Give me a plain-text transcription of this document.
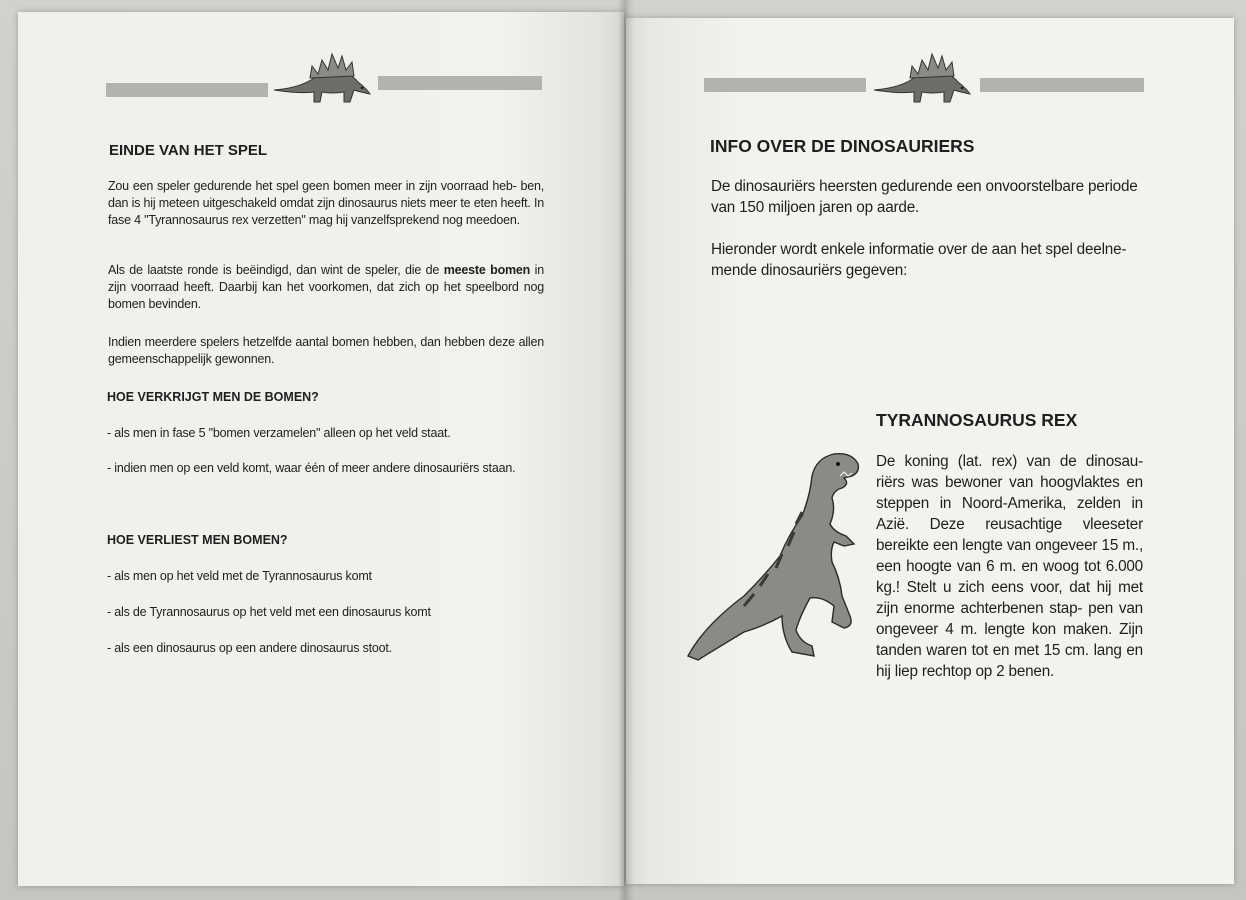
EINDE VAN HET SPEL

Zou een speler gedurende het spel geen bomen meer in zijn voorraad heb- ben, dan is hij meteen uitgeschakeld omdat zijn dinosaurus niets meer te eten heeft. In fase 4 "Tyrannosaurus rex verzetten" mag hij vanzelfsprekend nog meedoen.

Als de laatste ronde is beëindigd, dan wint de speler, die de meeste bomen in zijn voorraad heeft. Daarbij kan het voorkomen, dat zich op het speelbord nog bomen bevinden.

Indien meerdere spelers hetzelfde aantal bomen hebben, dan hebben deze allen gemeenschappelijk gewonnen.

HOE VERKRIJGT MEN DE BOMEN?

- als men in fase 5 "bomen verzamelen" alleen op het veld staat.

- indien men op een veld komt, waar één of meer andere dinosauriërs staan.

HOE VERLIEST MEN BOMEN?

- als men op het veld met de Tyrannosaurus komt

- als de Tyrannosaurus op het veld met een dinosaurus komt

- als een dinosaurus op een andere dinosaurus stoot.

INFO OVER DE DINOSAURIERS

De dinosauriërs heersten gedurende een onvoorstelbare periode van 150 miljoen jaren op aarde.

Hieronder wordt enkele informatie over de aan het spel deelne- mende dinosauriërs gegeven:

TYRANNOSAURUS REX

De koning (lat. rex) van de dinosau- riërs was bewoner van hoogvlaktes en steppen in Noord-Amerika, zelden in Azië. Deze reusachtige vleeseter bereikte een lengte van ongeveer 15 m., een hoogte van 6 m. en woog tot 6.000 kg.! Stelt u zich eens voor, dat hij met zijn enorme achterbenen stap- pen van ongeveer 4 m. lengte kon maken. Zijn tanden waren tot en met 15 cm. lang en hij liep rechtop op 2 benen.
